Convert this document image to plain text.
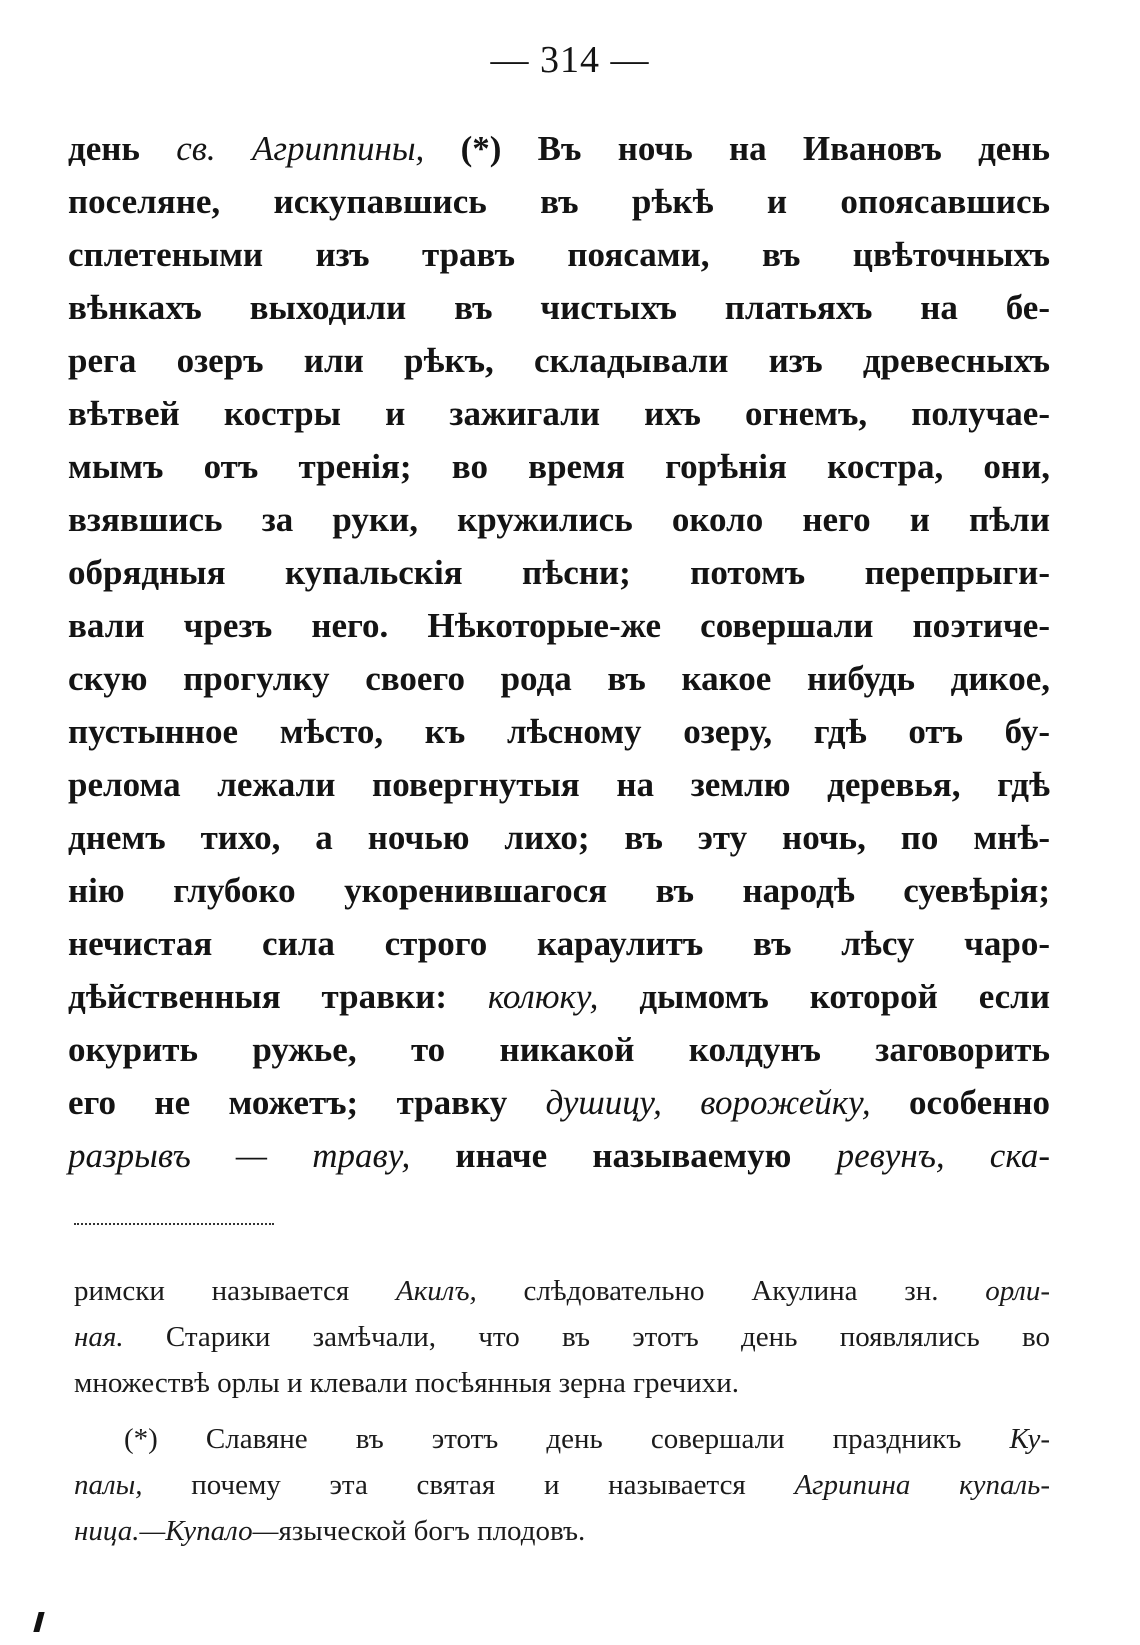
— 314 —
день св. Агриппины, (*) Въ ночь на Ивановъ день
поселяне, искупавшись въ рѣкѣ и опоясавшись
сплетеными изъ травъ поясами, въ цвѣточныхъ
вѣнкахъ выходили въ чистыхъ платьяхъ на бе-
рега озеръ или рѣкъ, складывали изъ древесныхъ
вѣтвей костры и зажигали ихъ огнемъ, получае-
мымъ отъ тренія; во время горѣнія костра, они,
взявшись за руки, кружились около него и пѣли
обрядныя купальскія пѣсни; потомъ перепрыги-
вали чрезъ него. Нѣкоторые-же совершали поэтиче-
скую прогулку своего рода въ какое нибудь дикое,
пустынное мѣсто, къ лѣсному озеру, гдѣ отъ бу-
релома лежали повергнутыя на землю деревья, гдѣ
днемъ тихо, а ночью лихо; въ эту ночь, по мнѣ-
нію глубоко укоренившагося въ народѣ суевѣрія;
нечистая сила строго караулитъ въ лѣсу чаро-
дѣйственныя травки: колюку, дымомъ которой если
окурить ружье, то никакой колдунъ заговорить
его не можетъ; травку душицу, ворожейку, особенно
разрывъ — траву, иначе называемую ревунъ, ска-
римски называется Акилъ, слѣдовательно Акулина зн. орли-
ная. Старики замѣчали, что въ этотъ день появлялись во
множествѣ орлы и клевали посѣянныя зерна гречихи.
(*) Славяне въ этотъ день совершали праздникъ Ку-
палы, почему эта святая и называется Агрипина купаль-
ница.—Купало—языческой богъ плодовъ.
